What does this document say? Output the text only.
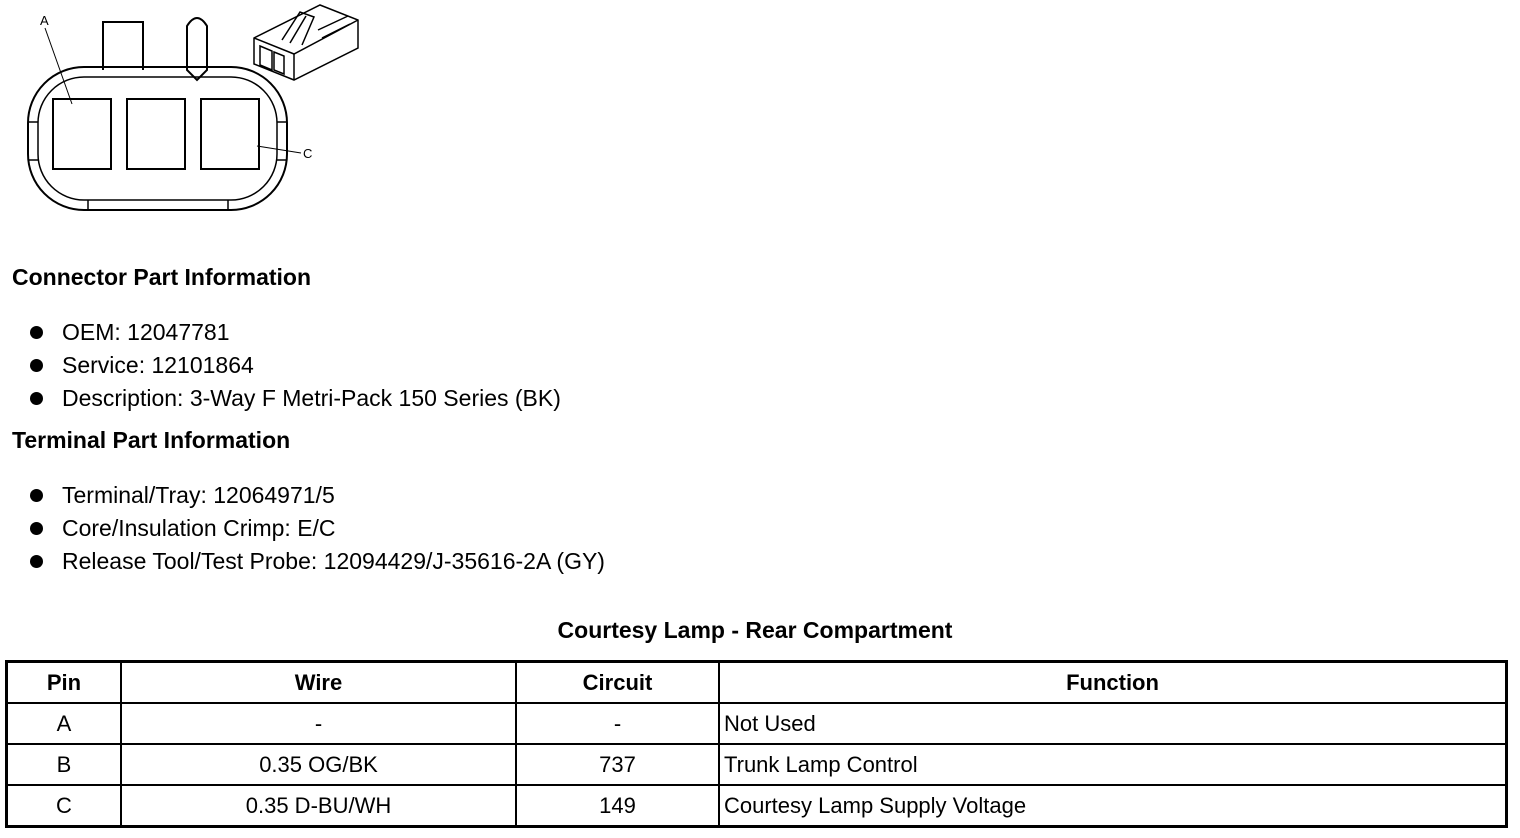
A
C
Connector Part Information
OEM: 12047781
Service: 12101864
Description: 3-Way F Metri-Pack 150 Series (BK)
Terminal Part Information
Terminal/Tray: 12064971/5
Core/Insulation Crimp: E/C
Release Tool/Test Probe: 12094429/J-35616-2A (GY)
Courtesy Lamp - Rear Compartment
Pin	Wire	Circuit	Function
A	-	-	Not Used
B	0.35 OG/BK	737	Trunk Lamp Control
C	0.35 D-BU/WH	149	Courtesy Lamp Supply Voltage
